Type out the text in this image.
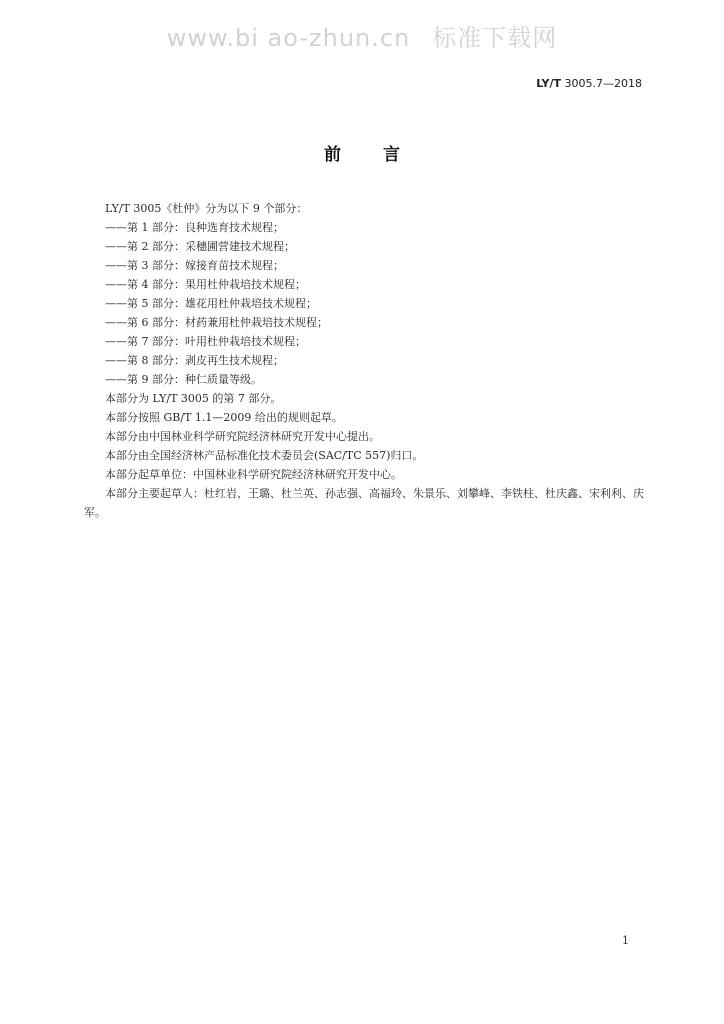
www.bi ao-zhun.cn 标准下载网
LY/T 3005.7—2018
前言
LY/T 3005《杜仲》分为以下 9 个部分：
——第 1 部分：良种选育技术规程；
——第 2 部分：采穗圃营建技术规程；
——第 3 部分：嫁接育苗技术规程；
——第 4 部分：果用杜仲栽培技术规程；
——第 5 部分：雄花用杜仲栽培技术规程；
——第 6 部分：材药兼用杜仲栽培技术规程；
——第 7 部分：叶用杜仲栽培技术规程；
——第 8 部分：剥皮再生技术规程；
——第 9 部分：种仁质量等级。
本部分为 LY/T 3005 的第 7 部分。
本部分按照 GB/T 1.1—2009 给出的规则起草。
本部分由中国林业科学研究院经济林研究开发中心提出。
本部分由全国经济林产品标准化技术委员会(SAC/TC 557)归口。
本部分起草单位：中国林业科学研究院经济林研究开发中心。
本部分主要起草人：杜红岩、王璐、杜兰英、孙志强、高福玲、朱景乐、刘攀峰、李铁柱、杜庆鑫、宋利利、庆军。
1
